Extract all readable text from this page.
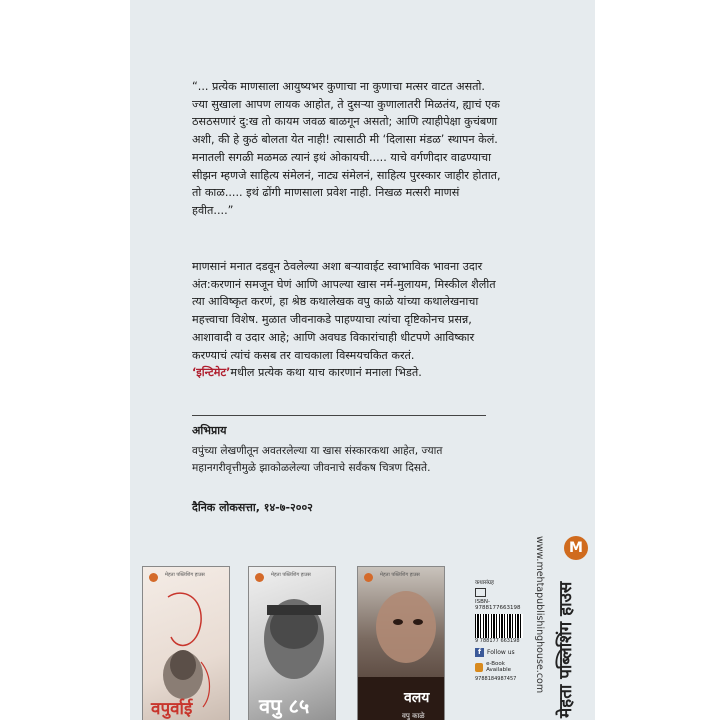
“... प्रत्येक माणसाला आयुष्यभर कुणाचा ना कुणाचा मत्सर वाटत असतो. ज्या सुखाला आपण लायक आहोत, ते दुसऱ्या कुणालातरी मिळतंय, ह्याचं एक ठसठसणारं दु:ख तो कायम जवळ बाळगून असतो; आणि त्याहीपेक्षा कुचंबणा अशी, की हे कुठं बोलता येत नाही! त्यासाठी मी ‘दिलासा मंडळ’ स्थापन केलं. मनातली सगळी मळमळ त्यानं इथं ओकायची..... याचे वर्गणीदार वाढण्याचा सीझन म्हणजे साहित्य संमेलनं, नाट्य संमेलनं, साहित्य पुरस्कार जाहीर होतात, तो काळ..... इथं ढोंगी माणसाला प्रवेश नाही. निखळ मत्सरी माणसं हवीत....”

माणसानं मनात दडवून ठेवलेल्या अशा बऱ्यावाईट स्वाभाविक भावना उदार अंत:करणानं समजून घेणं आणि आपल्या खास नर्म-मुलायम, मिस्कील शैलीत त्या आविष्कृत करणं, हा श्रेष्ठ कथालेखक वपु काळे यांच्या कथालेखनाचा महत्त्वाचा विशेष. मुळात जीवनाकडे पाहण्याचा त्यांचा दृष्टिकोनच प्रसन्न, आशावादी व उदार आहे; आणि अवघड विकारांचाही धीटपणे आविष्कार करण्याचं त्यांचं कसब तर वाचकाला विस्मयचकित करतं.
‘इन्टिमेट’मधील प्रत्येक कथा याच कारणानं मनाला भिडते.

अभिप्राय

वपुंच्या लेखणीतून अवतरलेल्या या खास संस्कारकथा आहेत, ज्यात महानगरीवृत्तीमुळे झाकोळलेल्या जीवनाचे सर्वंकष चित्रण दिसते.

दैनिक लोकसत्ता, १४-७-२००२
मेहता पब्लिशिंग हाउस
वपुर्वाई
मेहता पब्लिशिंग हाउस
वपु ८५
मेहता पब्लिशिंग हाउस
वलय
वपु काळे
कथासंग्रह
ISBN-9788177663198
9 788177 663198
f Follow us
e-Book Available
9788184987457	www.mehtapublishinghouse.com	M
मेहता पब्लिशिंग हाउस
